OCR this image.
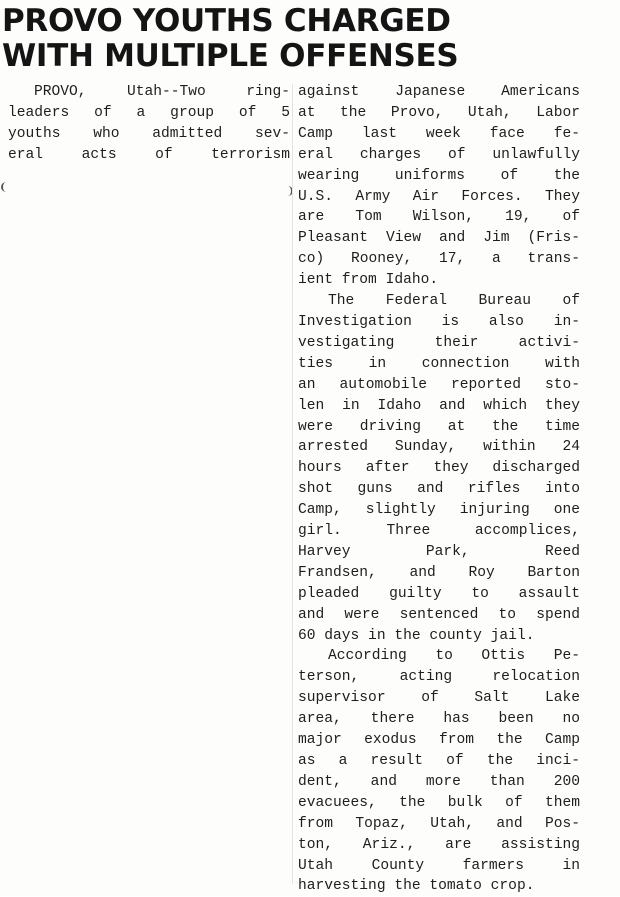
PROVO YOUTHS CHARGED
WITH MULTIPLE OFFENSES
PROVO, Utah--Two ring-
leaders of a group of 5
youths who admitted sev-
eral acts of terrorism
against Japanese Americans
at the Provo, Utah, Labor
Camp last week face fe-
eral charges of unlawfully
wearing uniforms of the
U.S. Army Air Forces. They
are Tom Wilson, 19, of
Pleasant View and Jim (Fris-
co) Rooney, 17, a trans-
ient from Idaho.
The Federal Bureau of
Investigation is also in-
vestigating their activi-
ties in connection with
an automobile reported sto-
len in Idaho and which they
were driving at the time
arrested Sunday, within 24
hours after they discharged
shot guns and rifles into
Camp, slightly injuring one
girl. Three accomplices,
Harvey Park, Reed
Frandsen, and Roy Barton
pleaded guilty to assault
and were sentenced to spend
60 days in the county jail.
According to Ottis Pe-
terson, acting relocation
supervisor of Salt Lake
area, there has been no
major exodus from the Camp
as a result of the inci-
dent, and more than 200
evacuees, the bulk of them
from Topaz, Utah, and Pos-
ton, Ariz., are assisting
Utah County farmers in
harvesting the tomato crop.
